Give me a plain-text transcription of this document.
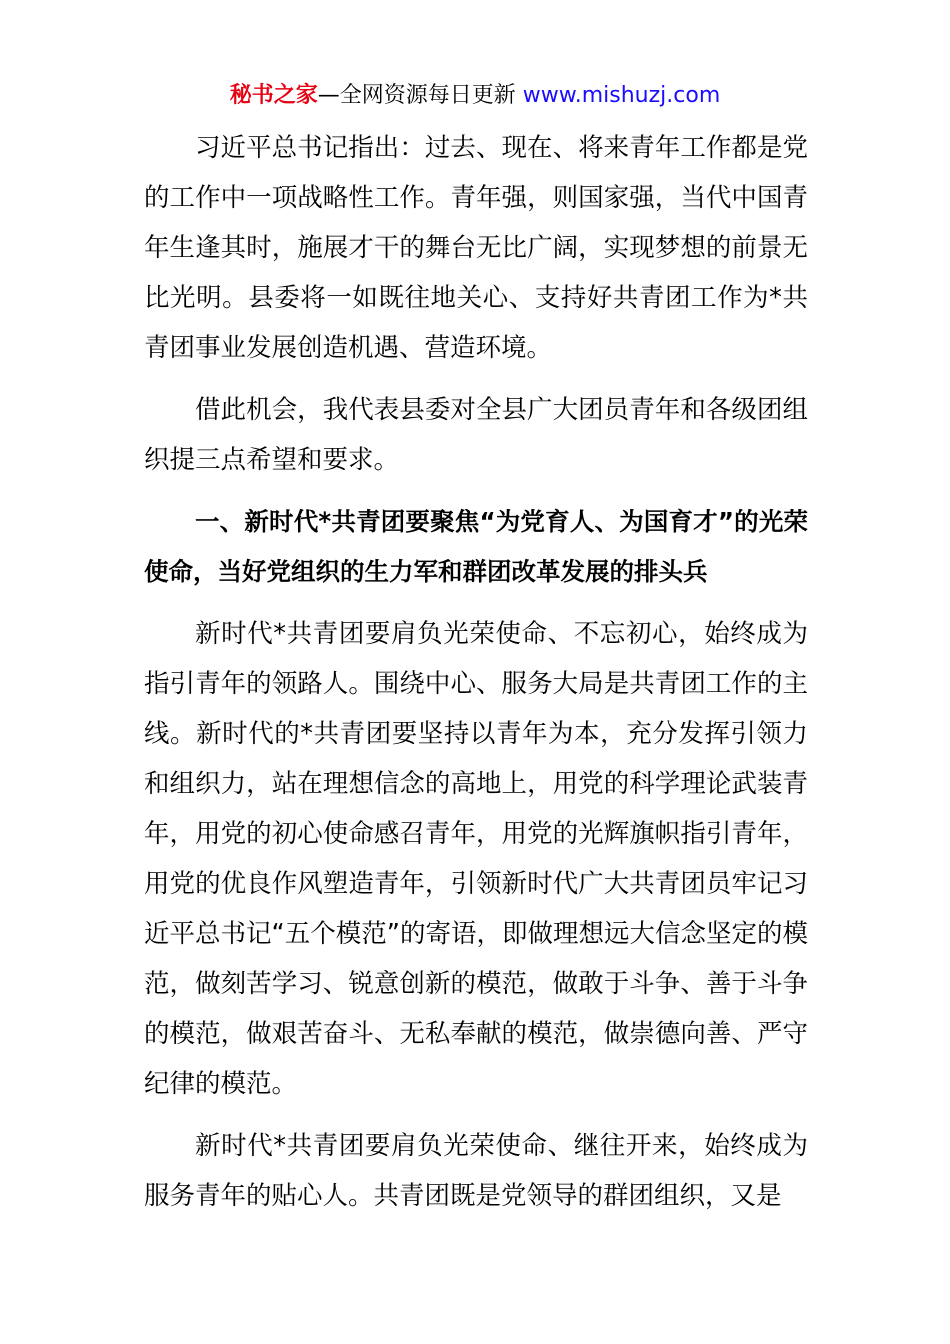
秘书之家—全网资源每日更新 www.mishuzj.com

习近平总书记指出：过去、现在、将来青年工作都是党的工作中一项战略性工作。青年强，则国家强，当代中国青年生逢其时，施展才干的舞台无比广阔，实现梦想的前景无比光明。县委将一如既往地关心、支持好共青团工作为*共青团事业发展创造机遇、营造环境。

借此机会，我代表县委对全县广大团员青年和各级团组织提三点希望和要求。

一、新时代*共青团要聚焦“为党育人、为国育才”的光荣使命，当好党组织的生力军和群团改革发展的排头兵

新时代*共青团要肩负光荣使命、不忘初心，始终成为指引青年的领路人。围绕中心、服务大局是共青团工作的主线。新时代的*共青团要坚持以青年为本，充分发挥引领力和组织力，站在理想信念的高地上，用党的科学理论武装青年，用党的初心使命感召青年，用党的光辉旗帜指引青年，用党的优良作风塑造青年，引领新时代广大共青团员牢记习近平总书记“五个模范”的寄语，即做理想远大信念坚定的模范，做刻苦学习、锐意创新的模范，做敢于斗争、善于斗争的模范，做艰苦奋斗、无私奉献的模范，做崇德向善、严守纪律的模范。

新时代*共青团要肩负光荣使命、继往开来，始终成为服务青年的贴心人。共青团既是党领导的群团组织，又是
